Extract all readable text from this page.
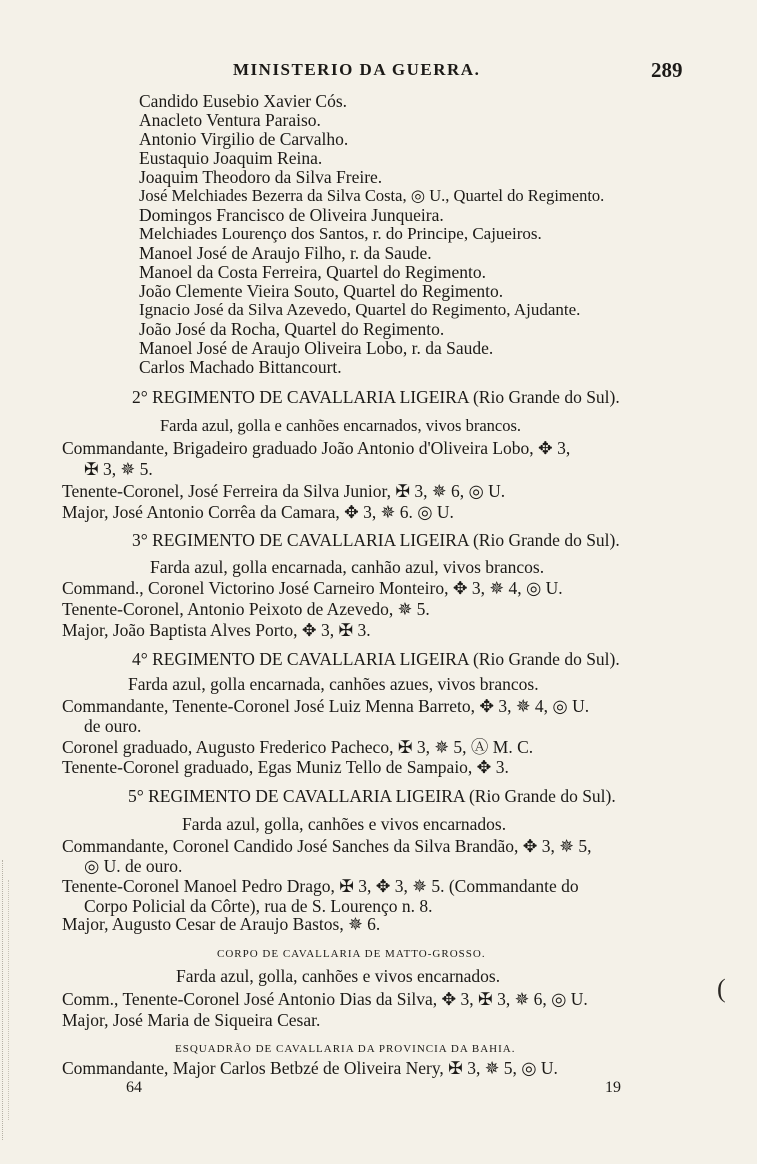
MINISTERIO DA GUERRA.	289
Candido Eusebio Xavier Cós.
Anacleto Ventura Paraiso.
Antonio Virgilio de Carvalho.
Eustaquio Joaquim Reina.
Joaquim Theodoro da Silva Freire.
José Melchiades Bezerra da Silva Costa, ◎ U., Quartel do Regimento.
Domingos Francisco de Oliveira Junqueira.
Melchiades Lourenço dos Santos, r. do Principe, Cajueiros.
Manoel José de Araujo Filho, r. da Saude.
Manoel da Costa Ferreira, Quartel do Regimento.
João Clemente Vieira Souto, Quartel do Regimento.
Ignacio José da Silva Azevedo, Quartel do Regimento, Ajudante.
João José da Rocha, Quartel do Regimento.
Manoel José de Araujo Oliveira Lobo, r. da Saude.
Carlos Machado Bittancourt.
2° REGIMENTO DE CAVALLARIA LIGEIRA (Rio Grande do Sul).
Farda azul, golla e canhões encarnados, vivos brancos.
Commandante, Brigadeiro graduado João Antonio d'Oliveira Lobo, ✥ 3,
✠ 3, ✵ 5.
Tenente-Coronel, José Ferreira da Silva Junior, ✠ 3, ✵ 6, ◎ U.
Major, José Antonio Corrêa da Camara, ✥ 3, ✵ 6. ◎ U.
3° REGIMENTO DE CAVALLARIA LIGEIRA (Rio Grande do Sul).
Farda azul, golla encarnada, canhão azul, vivos brancos.
Command., Coronel Victorino José Carneiro Monteiro, ✥ 3, ✵ 4, ◎ U.
Tenente-Coronel, Antonio Peixoto de Azevedo, ✵ 5.
Major, João Baptista Alves Porto, ✥ 3, ✠ 3.
4° REGIMENTO DE CAVALLARIA LIGEIRA (Rio Grande do Sul).
Farda azul, golla encarnada, canhões azues, vivos brancos.
Commandante, Tenente-Coronel José Luiz Menna Barreto, ✥ 3, ✵ 4, ◎ U.
de ouro.
Coronel graduado, Augusto Frederico Pacheco, ✠ 3, ✵ 5, Ⓐ M. C.
Tenente-Coronel graduado, Egas Muniz Tello de Sampaio, ✥ 3.
5° REGIMENTO DE CAVALLARIA LIGEIRA (Rio Grande do Sul).
Farda azul, golla, canhões e vivos encarnados.
Commandante, Coronel Candido José Sanches da Silva Brandão, ✥ 3, ✵ 5,
◎ U. de ouro.
Tenente-Coronel Manoel Pedro Drago, ✠ 3, ✥ 3, ✵ 5. (Commandante do
Corpo Policial da Côrte), rua de S. Lourenço n. 8.
Major, Augusto Cesar de Araujo Bastos, ✵ 6.
CORPO DE CAVALLARIA DE MATTO-GROSSO.
Farda azul, golla, canhões e vivos encarnados.
Comm., Tenente-Coronel José Antonio Dias da Silva, ✥ 3, ✠ 3, ✵ 6, ◎ U.
Major, José Maria de Siqueira Cesar.
ESQUADRÃO DE CAVALLARIA DA PROVINCIA DA BAHIA.
Commandante, Major Carlos Betbzé de Oliveira Nery, ✠ 3, ✵ 5, ◎ U.
64	19
(
